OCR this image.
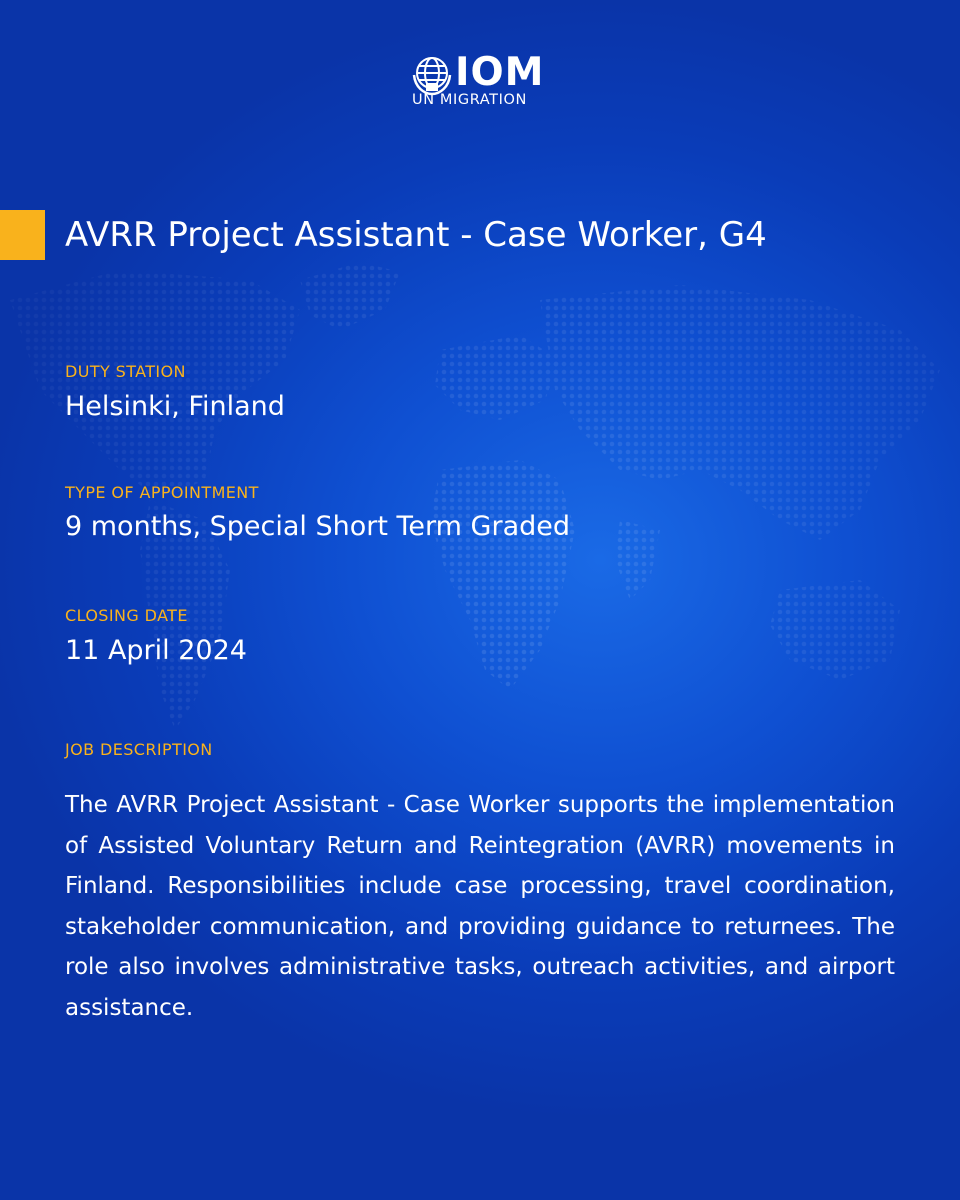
IOM
UN MIGRATION
AVRR Project Assistant - Case Worker, G4
DUTY STATION
Helsinki, Finland
TYPE OF APPOINTMENT
9 months, Special Short Term Graded
CLOSING DATE
11 April 2024
JOB DESCRIPTION
The AVRR Project Assistant - Case Worker supports the implementation of Assisted Voluntary Return and Reintegration (AVRR) movements in Finland. Responsibilities include case processing, travel coordination, stakeholder communication, and providing guidance to returnees. The role also involves administrative tasks, outreach activities, and airport assistance.
